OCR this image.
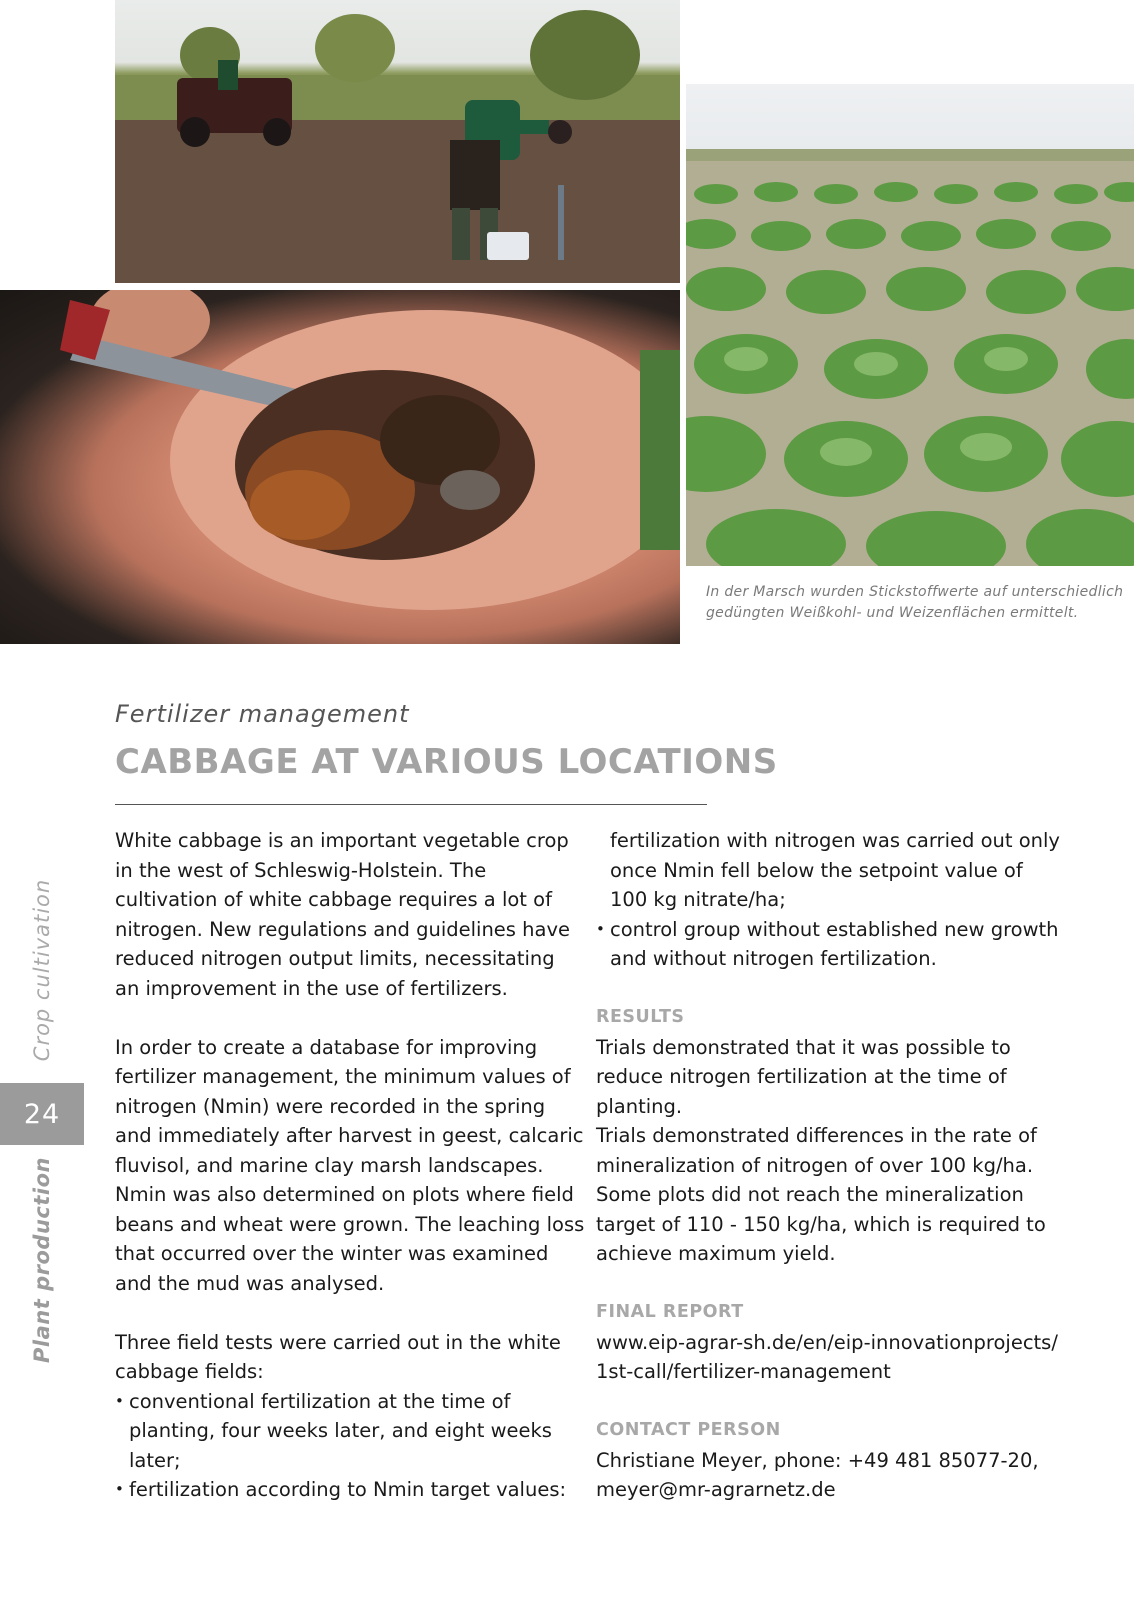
In der Marsch wurden Stickstoffwerte auf unterschiedlich gedüngten Weißkohl- und Weizenflächen ermittelt.
Crop cultivation
24
Plant production
Fertilizer management
CABBAGE AT VARIOUS LOCATIONS

White cabbage is an important vegetable crop in the west of Schleswig-Holstein. The cultivation of white cabbage requires a lot of nitrogen. New regulations and guidelines have reduced nitrogen output limits, necessitating an improvement in the use of fertilizers.

In order to create a database for improving fertilizer management, the minimum values of nitrogen (Nmin) were recorded in the spring and immediately after harvest in geest, calcaric fluvisol, and marine clay marsh landscapes. Nmin was also determined on plots where field beans and wheat were grown. The leaching loss that occurred over the winter was examined and the mud was analysed.

Three field tests were carried out in the white cabbage fields:

• conventional fertilization at the time of planting, four weeks later, and eight weeks later;

• fertilization according to Nmin target values:

fertilization with nitrogen was carried out only once Nmin fell below the setpoint value of 100 kg nitrate/ha;

• control group without established new growth and without nitrogen fertilization.

RESULTS

Trials demonstrated that it was possible to reduce nitrogen fertilization at the time of planting.

Trials demonstrated differences in the rate of mineralization of nitrogen of over 100 kg/ha. Some plots did not reach the mineralization target of 110 - 150 kg/ha, which is required to achieve maximum yield.

FINAL REPORT

www.eip-agrar-sh.de/en/eip-innovationprojects/1st-call/fertilizer-management

CONTACT PERSON

Christiane Meyer, phone: +49 481 85077-20,

meyer@mr-agrarnetz.de
